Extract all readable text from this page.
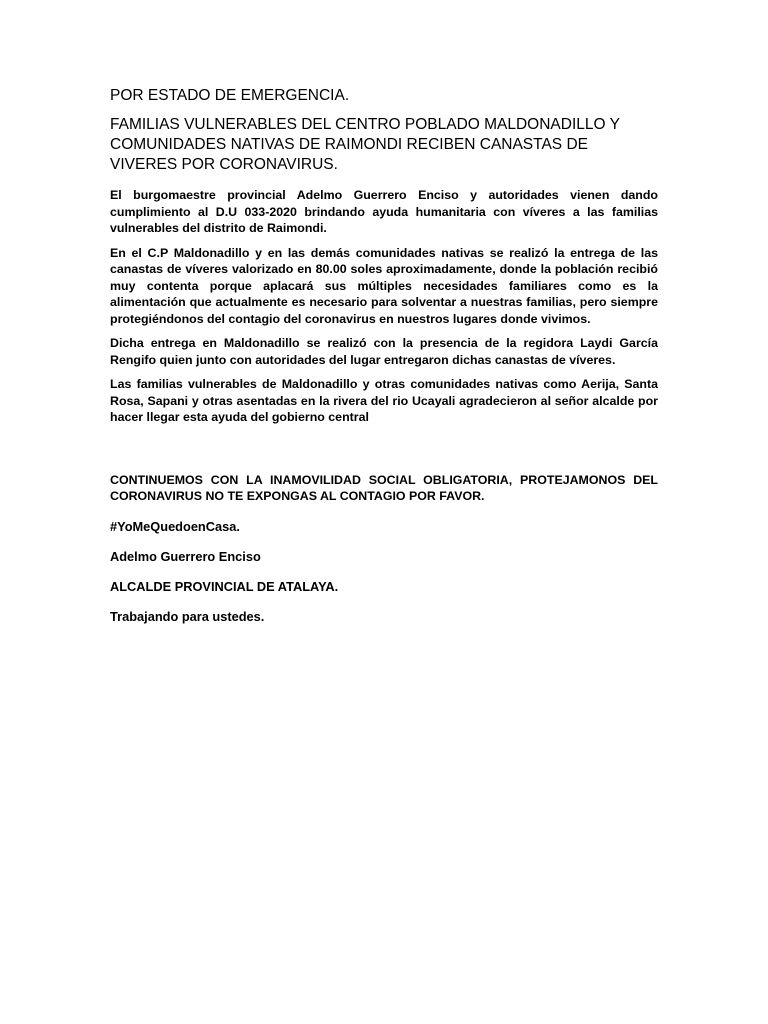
POR ESTADO DE EMERGENCIA.

FAMILIAS VULNERABLES DEL CENTRO POBLADO MALDONADILLO Y COMUNIDADES NATIVAS DE RAIMONDI RECIBEN CANASTAS DE VIVERES POR CORONAVIRUS.

El burgomaestre provincial Adelmo Guerrero Enciso y autoridades vienen dando cumplimiento al D.U 033-2020 brindando ayuda humanitaria con víveres a las familias vulnerables del distrito de Raimondi.

En el C.P Maldonadillo y en las demás comunidades nativas se realizó la entrega de las canastas de víveres valorizado en 80.00 soles aproximadamente, donde la población recibió muy contenta porque aplacará sus múltiples necesidades familiares como es la alimentación que actualmente es necesario para solventar a nuestras familias, pero siempre protegiéndonos del contagio del coronavirus en nuestros lugares donde vivimos.

Dicha entrega en Maldonadillo se realizó con la presencia de la regidora Laydi García Rengifo quien junto con autoridades del lugar entregaron dichas canastas de víveres.

Las familias vulnerables de Maldonadillo y otras comunidades nativas como Aerija, Santa Rosa, Sapani y otras asentadas en la rivera del rio Ucayali agradecieron al señor alcalde por hacer llegar esta ayuda del gobierno central

CONTINUEMOS CON LA INAMOVILIDAD SOCIAL OBLIGATORIA, PROTEJAMONOS DEL CORONAVIRUS NO TE EXPONGAS AL CONTAGIO POR FAVOR.

#YoMeQuedoenCasa.

Adelmo Guerrero Enciso

ALCALDE PROVINCIAL DE ATALAYA.

Trabajando para ustedes.
